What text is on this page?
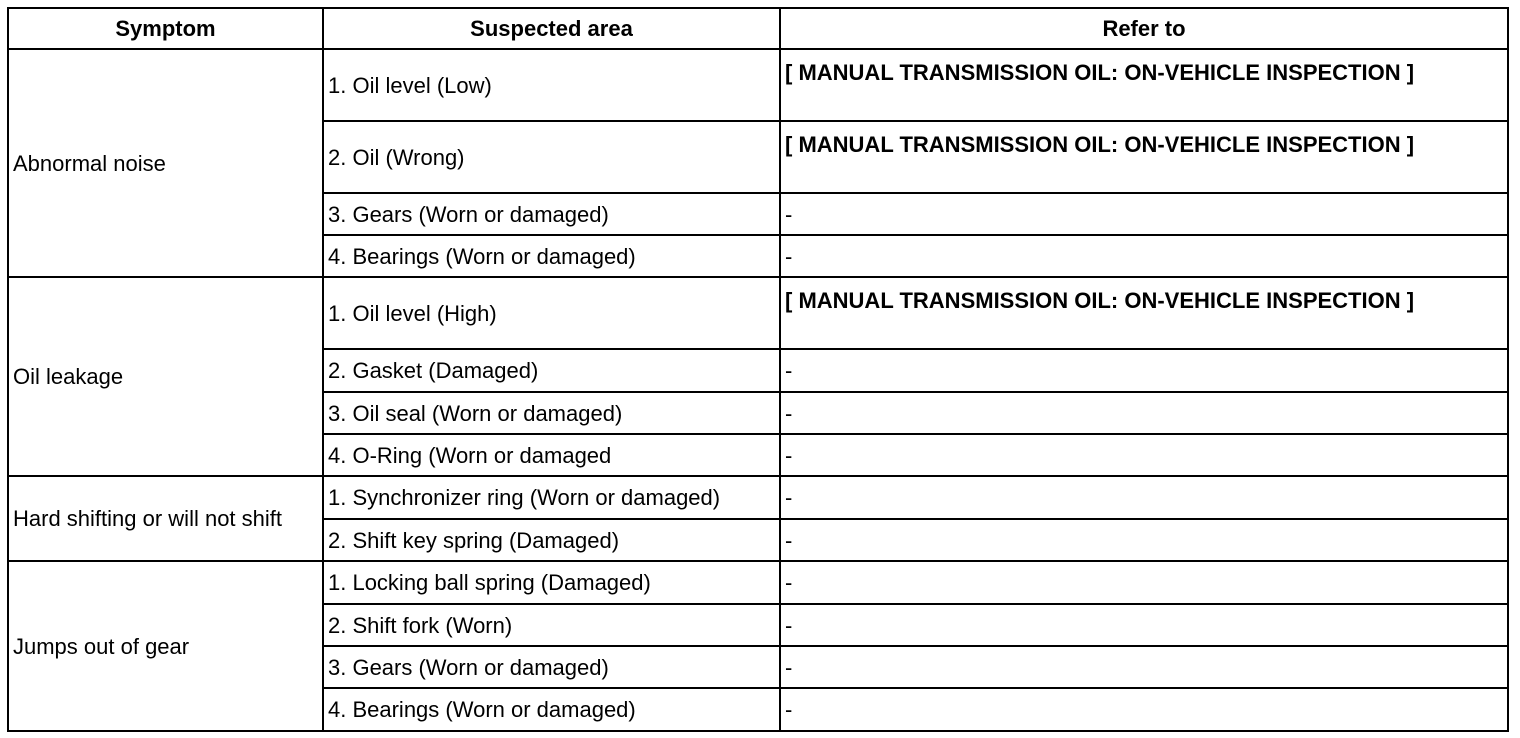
Symptom	Suspected area	Refer to
Abnormal noise	1. Oil level (Low)	[ MANUAL TRANSMISSION OIL: ON-VEHICLE INSPECTION ]
	2. Oil (Wrong)	[ MANUAL TRANSMISSION OIL: ON-VEHICLE INSPECTION ]
	3. Gears (Worn or damaged)	-
	4. Bearings (Worn or damaged)	-
Oil leakage	1. Oil level (High)	[ MANUAL TRANSMISSION OIL: ON-VEHICLE INSPECTION ]
	2. Gasket (Damaged)	-
	3. Oil seal (Worn or damaged)	-
	4. O-Ring (Worn or damaged	-
Hard shifting or will not shift	1. Synchronizer ring (Worn or damaged)	-
	2. Shift key spring (Damaged)	-
Jumps out of gear	1. Locking ball spring (Damaged)	-
	2. Shift fork (Worn)	-
	3. Gears (Worn or damaged)	-
	4. Bearings (Worn or damaged)	-
